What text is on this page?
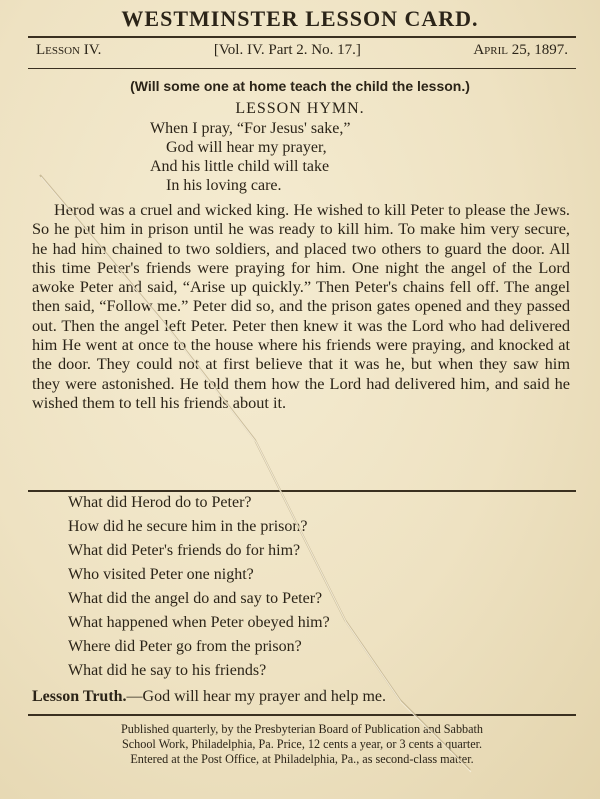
WESTMINSTER LESSON CARD.
Lesson IV.	[Vol. IV. Part 2. No. 17.]	April 25, 1897.
(Will some one at home teach the child the lesson.)
LESSON HYMN.
When I pray, “For Jesus' sake,”
God will hear my prayer,
And his little child will take
In his loving care.
Herod was a cruel and wicked king. He wished to kill Peter to please the Jews. So he put him in prison until he was ready to kill him. To make him very secure, he had him chained to two soldiers, and placed two others to guard the door. All this time Peter's friends were praying for him. One night the angel of the Lord awoke Peter and said, “Arise up quickly.” Then Peter's chains fell off. The angel then said, “Follow me.” Peter did so, and the prison gates opened and they passed out. Then the angel left Peter. Peter then knew it was the Lord who had delivered him He went at once to the house where his friends were praying, and knocked at the door. They could not at first believe that it was he, but when they saw him they were astonished. He told them how the Lord had delivered him, and said he wished them to tell his friends about it.
What did Herod do to Peter?
How did he secure him in the prison?
What did Peter's friends do for him?
Who visited Peter one night?
What did the angel do and say to Peter?
What happened when Peter obeyed him?
Where did Peter go from the prison?
What did he say to his friends?
Lesson Truth.—God will hear my prayer and help me.
Published quarterly, by the Presbyterian Board of Publication and Sabbath
School Work, Philadelphia, Pa. Price, 12 cents a year, or 3 cents a quarter.
Entered at the Post Office, at Philadelphia, Pa., as second-class matter.
